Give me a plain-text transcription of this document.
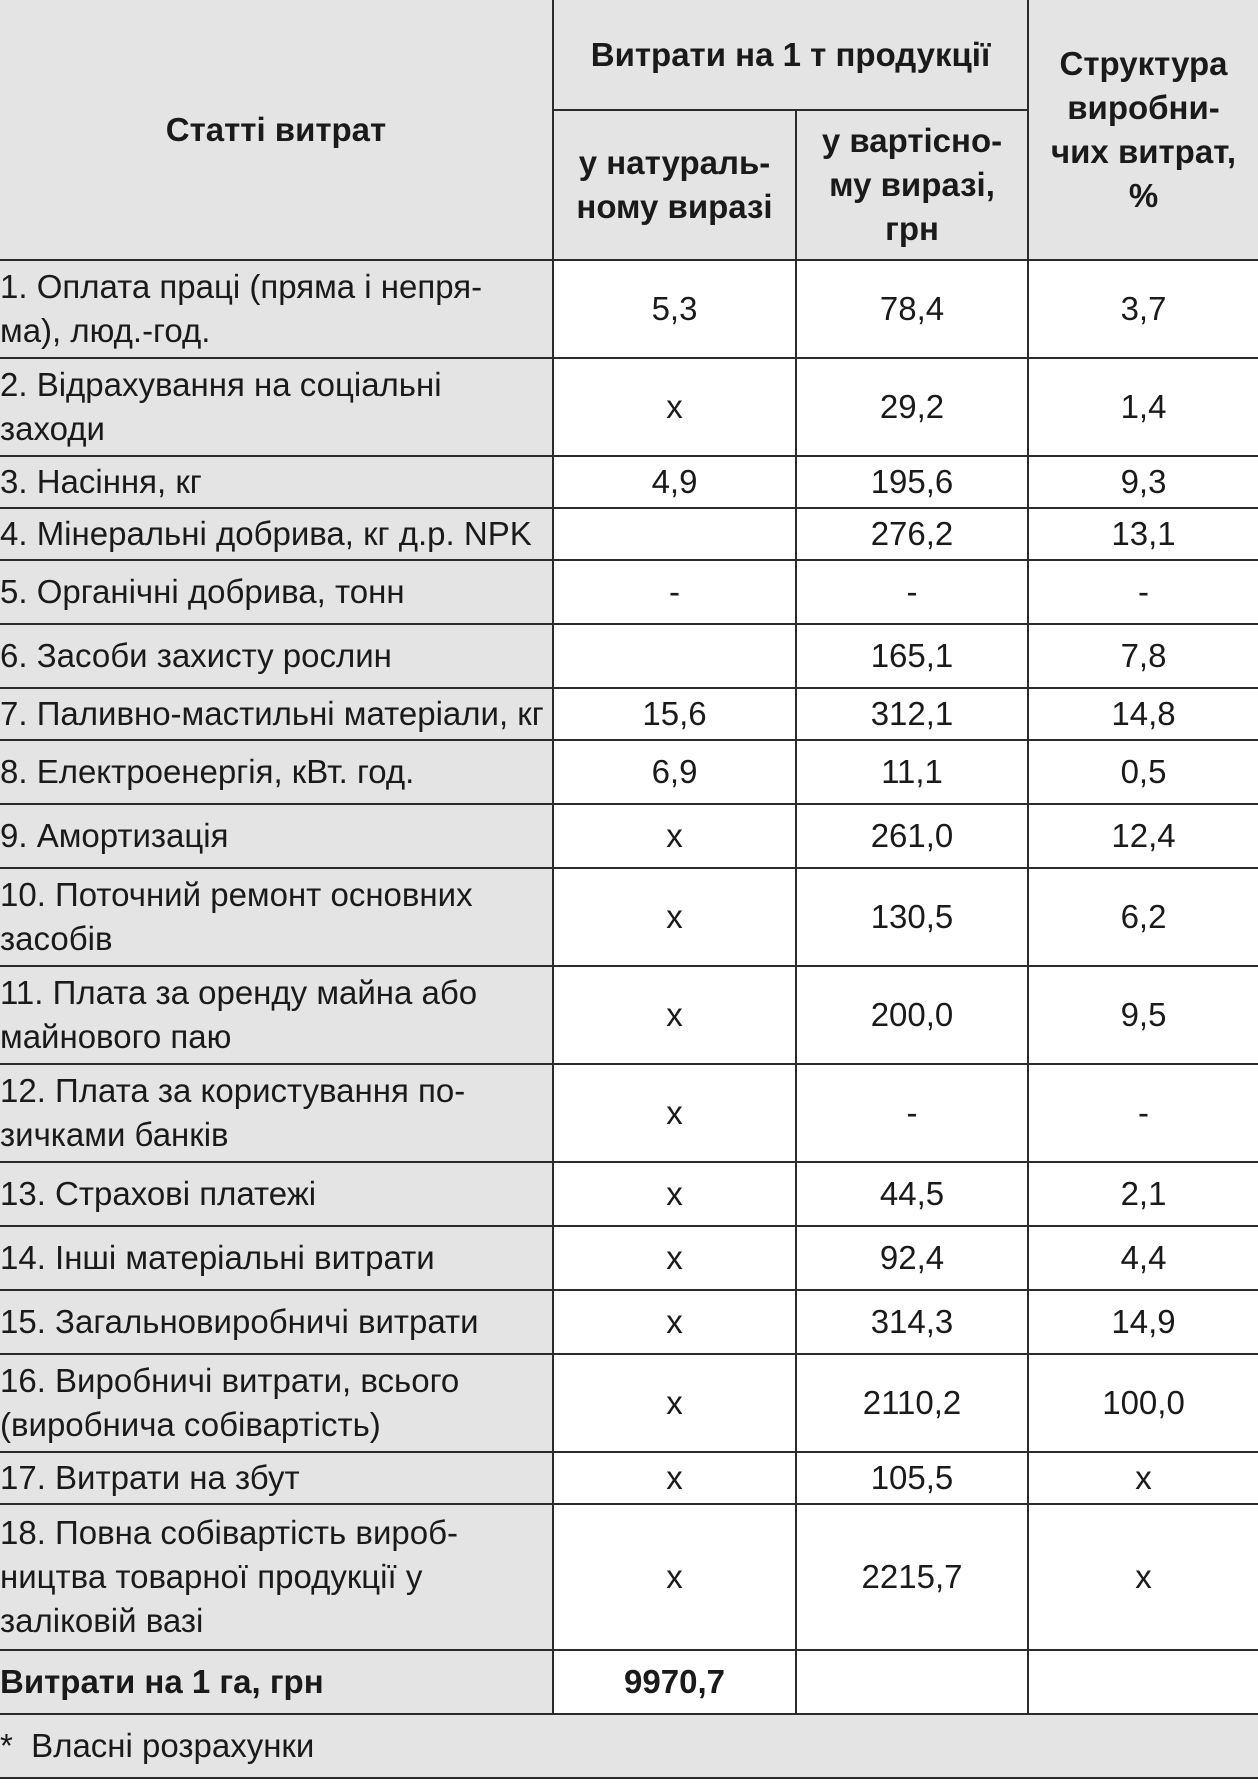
Статті витрат	Витрати на 1 т продукції		Структура
виробни-
чих витрат,
%
	у натураль-
ному виразі	у вартісно-
му виразі,
грн	

1. Оплата праці (пряма і непря-
ма), люд.-год.	5,3	78,4	3,7

2. Відрахування на соціальні
заходи	х	29,2	1,4

3. Насіння, кг	4,9	195,6	9,3

4. Мінеральні добрива, кг д.р. NPK		276,2	13,1

5. Органічні добрива, тонн	-	-	-

6. Засоби захисту рослин		165,1	7,8

7. Паливно-мастильні матеріали, кг	15,6	312,1	14,8

8. Електроенергія, кВт. год.	6,9	11,1	0,5

9. Амортизація	х	261,0	12,4

10. Поточний ремонт основних
засобів	х	130,5	6,2

11. Плата за оренду майна або
майнового паю	х	200,0	9,5

12. Плата за користування по-
зичками банків	х	-	-

13. Страхові платежі	х	44,5	2,1

14. Інші матеріальні витрати	х	92,4	4,4

15. Загальновиробничі витрати	х	314,3	14,9

16. Виробничі витрати, всього
(виробнича собівартість)	х	2110,2	100,0

17. Витрати на збут	х	105,5	х

18. Повна собівартість вироб-
ництва товарної продукції у
заліковій вазі	х	2215,7	х
Витрати на 1 га, грн	9970,7		
*  Власні розрахунки			
